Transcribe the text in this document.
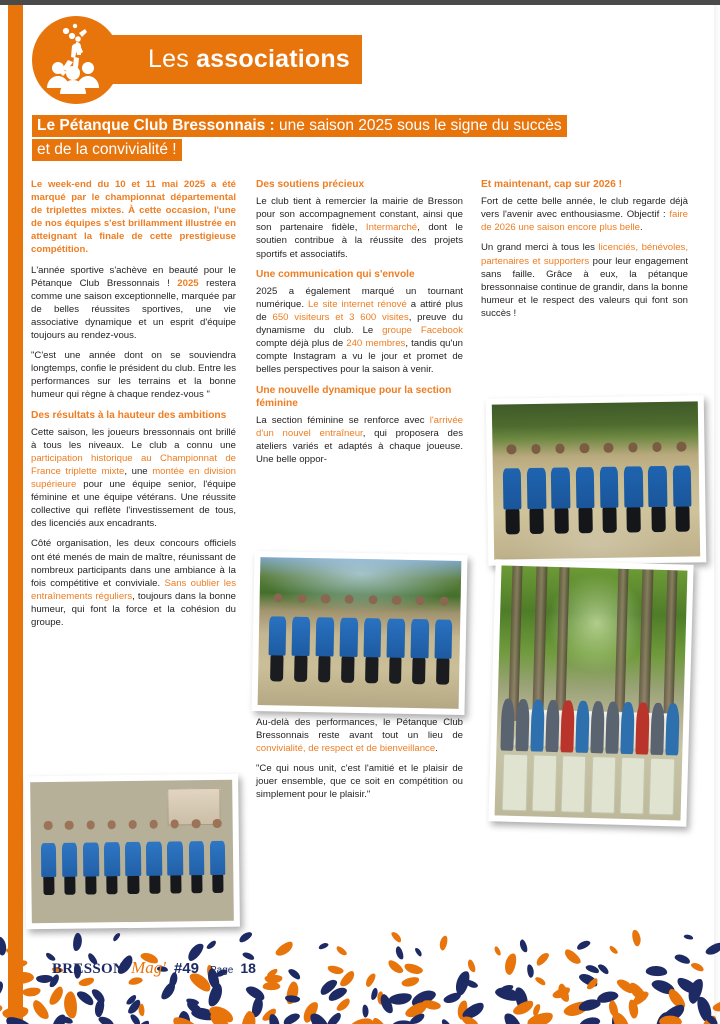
Les associations
Le Pétanque Club Bressonnais : une saison 2025 sous le signe du succès
et de la convivialité !

Le week-end du 10 et 11 mai 2025 a été marqué par le championnat départemental de triplettes mixtes. À cette occasion, l'une de nos équipes s'est brillamment illustrée en atteignant la finale de cette prestigieuse compétition.

L'année sportive s'achève en beauté pour le Pétanque Club Bressonnais ! 2025 restera comme une saison exceptionnelle, marquée par de belles réussites sportives, une vie associative dynamique et un esprit d'équipe toujours au rendez-vous.

"C'est une année dont on se souviendra longtemps, confie le président du club. Entre les performances sur les terrains et la bonne humeur qui règne à chaque rendez-vous "

Des résultats à la hauteur des ambitions

Cette saison, les joueurs bressonnais ont brillé à tous les niveaux. Le club a connu une participation historique au Championnat de France triplette mixte, une montée en division supérieure pour une équipe senior, l'équipe féminine et une équipe vétérans. Une réussite collective qui reflète l'investissement de tous, des licenciés aux encadrants.

Côté organisation, les deux concours officiels ont été menés de main de maître, réunissant de nombreux participants dans une ambiance à la fois compétitive et conviviale. Sans oublier les entraînements réguliers, toujours dans la bonne humeur, qui font la force et la cohésion du groupe.

Des soutiens précieux

Le club tient à remercier la mairie de Bresson pour son accompagnement constant, ainsi que son partenaire fidèle, Intermarché, dont le soutien contribue à la réussite des projets sportifs et associatifs.

Une communication qui s'envole

2025 a également marqué un tournant numérique. Le site internet rénové a attiré plus de 650 visiteurs et 3 600 visites, preuve du dynamisme du club. Le groupe Facebook compte déjà plus de 240 membres, tandis qu'un compte Instagram a vu le jour et promet de belles perspectives pour la saison à venir.

Une nouvelle dynamique pour la section féminine

La section féminine se renforce avec l'arrivée d'un nouvel entraîneur, qui proposera des ateliers variés et adaptés à chaque joueuse. Une belle oppor-

Au-delà des performances, le Pétanque Club Bressonnais reste avant tout un lieu de convivialité, de respect et de bienveillance.

"Ce qui nous unit, c'est l'amitié et le plaisir de jouer ensemble, que ce soit en compétition ou simplement pour le plaisir."

Et maintenant, cap sur 2026 !

Fort de cette belle année, le club regarde déjà vers l'avenir avec enthousiasme. Objectif : faire de 2026 une saison encore plus belle.

Un grand merci à tous les licenciés, bénévoles, partenaires et supporters pour leur engagement sans faille. Grâce à eux, la pétanque bressonnaise continue de grandir, dans la bonne humeur et le respect des valeurs qui font son succès !

BRESSON Mag' #49 Page 18
